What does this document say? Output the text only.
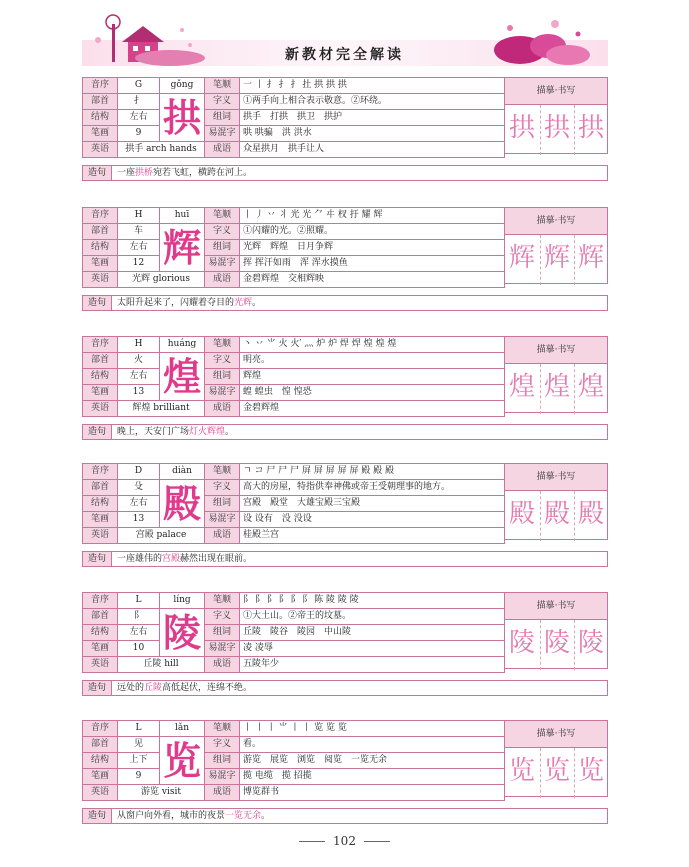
新教材完全解读
音序	G	gǒng	笔顺	一 丨 扌 扌 扌 扗 拱 拱 拱
部首	扌	拱	字义	①两手向上相合表示敬意。②环绕。
结构	左右		组词	拱手　打拱　拱卫　拱护
笔画	9		易混字	哄 哄骗　洪 洪水
英语	拱手 arch hands		成语	众星拱月　拱手让人
描摹·书写
拱 拱 拱
造句	一座拱桥宛若飞虹，横跨在河上。
音序	H	huī	笔顺	丨 丿 丷 丬 光 光 ⺈ 㐄 杈 扜 耀 辉
部首	车	辉	字义	①闪耀的光。②照耀。
结构	左右		组词	光辉　辉煌　日月争辉
笔画	12		易混字	挥 挥汗如雨　浑 浑水摸鱼
英语	光辉 glorious		成语	金碧辉煌　交相辉映
描摹·书写
辉 辉 辉
造句	太阳升起来了，闪耀着夺目的光辉。
音序	H	huáng	笔顺	丶 丷 ⺌ 火 火′ 灬 炉 炉 焊 焊 煌 煌 煌
部首	火	煌	字义	明亮。
结构	左右		组词	辉煌
笔画	13		易混字	蝗 蝗虫　惶 惶恐
英语	辉煌 brilliant		成语	金碧辉煌
描摹·书写
煌 煌 煌
造句	晚上，天安门广场灯火辉煌。
音序	D	diàn	笔顺	ㄱ コ 尸 尸 尸 屏 屏 屏 屏 屏 殿 殿 殿
部首	殳	殿	字义	高大的房屋，特指供奉神佛或帝王受朝理事的地方。
结构	左右		组词	宫殿　殿堂　大雄宝殿三宝殿
笔画	13		易混字	设 设有　没 没设
英语	宫殿 palace		成语	桂殿兰宫
描摹·书写
殿 殿 殿
造句	一座雄伟的宫殿赫然出现在眼前。
音序	L	líng	笔顺	阝 阝 阝 阝 阝 阝 陈 陵 陵 陵
部首	阝	陵	字义	①大土山。②帝王的坟墓。
结构	左右		组词	丘陵　陵谷　陵园　中山陵
笔画	10		易混字	凌 凌辱
英语	丘陵 hill		成语	五陵年少
描摹·书写
陵 陵 陵
造句	远处的丘陵高低起伏，连绵不绝。
音序	L	lǎn	笔顺	丨 丨 丨 ⺌ 丨 丨 览 览 览
部首	见	览	字义	看。
结构	上下		组词	游览　展览　浏览　阅览　一览无余
笔画	9		易混字	揽 电缆　揽 招揽
英语	游览 visit		成语	博览群书
描摹·书写
览 览 览
造句	从窗户向外看，城市的夜景一览无余。
102
